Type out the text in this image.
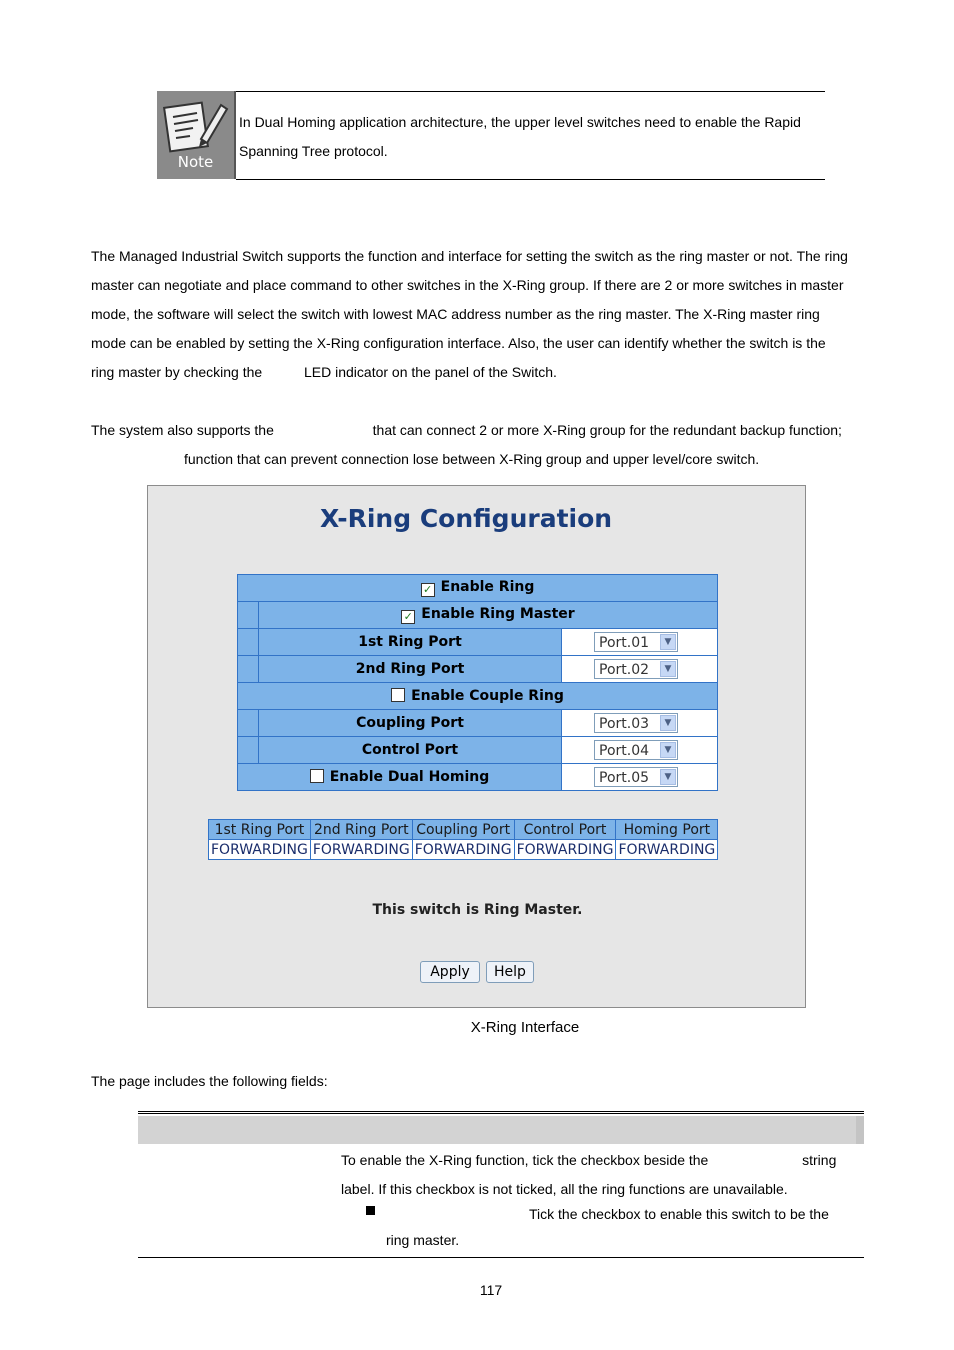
Note
In Dual Homing application architecture, the upper level switches need to enable the Rapid
Spanning Tree protocol.
The Managed Industrial Switch supports the function and interface for setting the switch as the ring master or not. The ring
master can negotiate and place command to other switches in the X-Ring group. If there are 2 or more switches in master
mode, the software will select the switch with lowest MAC address number as the ring master. The X-Ring master ring
mode can be enabled by setting the X-Ring configuration interface. Also, the user can identify whether the switch is the
ring master by checking the	LED indicator on the panel of the Switch.
The system also supports the	that can connect 2 or more X-Ring group for the redundant backup function;
function that can prevent connection lose between X-Ring group and upper level/core switch.
X-Ring Configuration
✓ Enable Ring		
	✓ Enable Ring Master	
	1st Ring Port	Port.01 ▼

	2nd Ring Port	Port.02 ▼

Enable Couple Ring		
	Coupling Port	Port.03 ▼

	Control Port	Port.04 ▼

Enable Dual Homing		Port.05 ▼
1st Ring Port	2nd Ring Port	Coupling Port	Control Port	Homing Port
FORWARDING	FORWARDING	FORWARDING	FORWARDING	FORWARDING
This switch is Ring Master.
Apply	Help
X-Ring Interface
The page includes the following fields:
To enable the X-Ring function, tick the checkbox beside the	string
label. If this checkbox is not ticked, all the ring functions are unavailable.
Tick the checkbox to enable this switch to be the
ring master.
117
